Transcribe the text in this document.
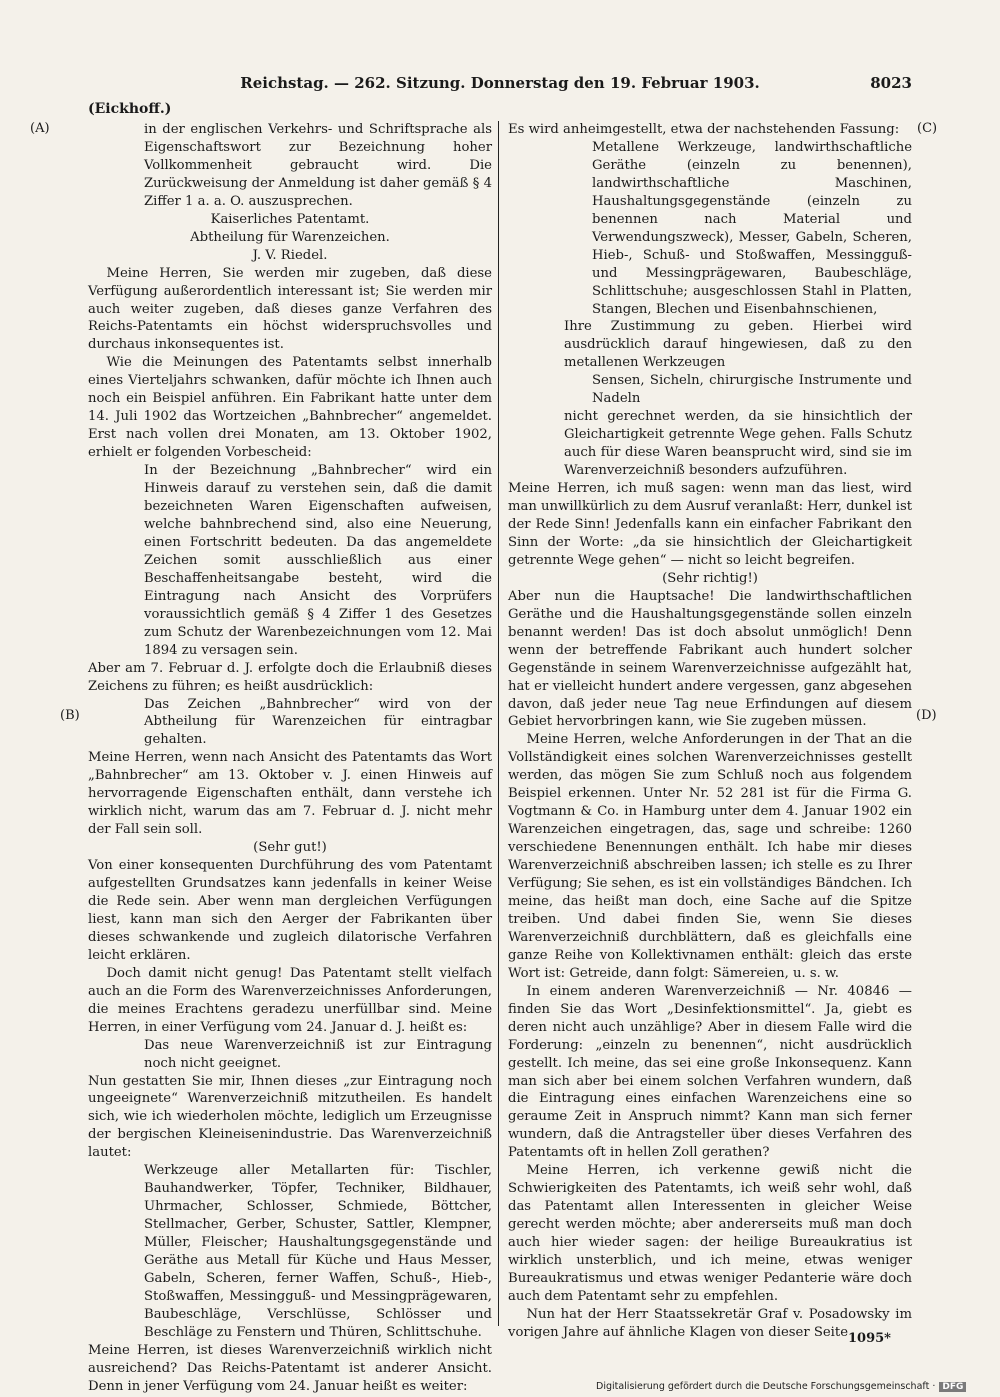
Reichstag. — 262. Sitzung. Donnerstag den 19. Februar 1903.	8023
(Eickhoff.)
(A)
(B)
(C)
(D)

in der englischen Verkehrs- und Schriftsprache als Eigenschaftswort zur Bezeichnung hoher Vollkommenheit gebraucht wird. Die Zurückweisung der Anmeldung ist daher gemäß § 4 Ziffer 1 a. a. O. auszusprechen.

Kaiserliches Patentamt.

Abtheilung für Warenzeichen.

J. V. Riedel.

Meine Herren, Sie werden mir zugeben, daß diese Verfügung außerordentlich interessant ist; Sie werden mir auch weiter zugeben, daß dieses ganze Verfahren des Reichs-Patentamts ein höchst widerspruchsvolles und durchaus inkonsequentes ist.

Wie die Meinungen des Patentamts selbst innerhalb eines Vierteljahrs schwanken, dafür möchte ich Ihnen auch noch ein Beispiel anführen. Ein Fabrikant hatte unter dem 14. Juli 1902 das Wortzeichen „Bahnbrecher“ angemeldet. Erst nach vollen drei Monaten, am 13. Oktober 1902, erhielt er folgenden Vorbescheid:

In der Bezeichnung „Bahnbrecher“ wird ein Hinweis darauf zu verstehen sein, daß die damit bezeichneten Waren Eigenschaften aufweisen, welche bahnbrechend sind, also eine Neuerung, einen Fortschritt bedeuten. Da das angemeldete Zeichen somit ausschließlich aus einer Beschaffenheitsangabe besteht, wird die Eintragung nach Ansicht des Vorprüfers voraussichtlich gemäß § 4 Ziffer 1 des Gesetzes zum Schutz der Warenbezeichnungen vom 12. Mai 1894 zu versagen sein.

Aber am 7. Februar d. J. erfolgte doch die Erlaubniß dieses Zeichens zu führen; es heißt ausdrücklich:

Das Zeichen „Bahnbrecher“ wird von der Abtheilung für Warenzeichen für eintragbar gehalten.

Meine Herren, wenn nach Ansicht des Patentamts das Wort „Bahnbrecher“ am 13. Oktober v. J. einen Hinweis auf hervorragende Eigenschaften enthält, dann verstehe ich wirklich nicht, warum das am 7. Februar d. J. nicht mehr der Fall sein soll.

(Sehr gut!)

Von einer konsequenten Durchführung des vom Patentamt aufgestellten Grundsatzes kann jedenfalls in keiner Weise die Rede sein. Aber wenn man dergleichen Verfügungen liest, kann man sich den Aerger der Fabrikanten über dieses schwankende und zugleich dilatorische Verfahren leicht erklären.

Doch damit nicht genug! Das Patentamt stellt vielfach auch an die Form des Warenverzeichnisses Anforderungen, die meines Erachtens geradezu unerfüllbar sind. Meine Herren, in einer Verfügung vom 24. Januar d. J. heißt es:

Das neue Warenverzeichniß ist zur Eintragung noch nicht geeignet.

Nun gestatten Sie mir, Ihnen dieses „zur Eintragung noch ungeeignete“ Warenverzeichniß mitzutheilen. Es handelt sich, wie ich wiederholen möchte, lediglich um Erzeugnisse der bergischen Kleineisenindustrie. Das Warenverzeichniß lautet:

Werkzeuge aller Metallarten für: Tischler, Bauhandwerker, Töpfer, Techniker, Bildhauer, Uhrmacher, Schlosser, Schmiede, Böttcher, Stellmacher, Gerber, Schuster, Sattler, Klempner, Müller, Fleischer; Haushaltungsgegenstände und Geräthe aus Metall für Küche und Haus Messer, Gabeln, Scheren, ferner Waffen, Schuß-, Hieb-, Stoßwaffen, Messingguß- und Messingprägewaren, Baubeschläge, Verschlüsse, Schlösser und Beschläge zu Fenstern und Thüren, Schlittschuhe.

Meine Herren, ist dieses Warenverzeichniß wirklich nicht ausreichend? Das Reichs-Patentamt ist anderer Ansicht. Denn in jener Verfügung vom 24. Januar heißt es weiter:

Es wird anheimgestellt, etwa der nachstehenden Fassung:

Metallene Werkzeuge, landwirthschaftliche Geräthe (einzeln zu benennen), landwirthschaftliche Maschinen, Haushaltungsgegenstände (einzeln zu benennen nach Material und Verwendungszweck), Messer, Gabeln, Scheren, Hieb-, Schuß- und Stoßwaffen, Messingguß- und Messingprägewaren, Baubeschläge, Schlittschuhe; ausgeschlossen Stahl in Platten, Stangen, Blechen und Eisenbahnschienen,

Ihre Zustimmung zu geben. Hierbei wird ausdrücklich darauf hingewiesen, daß zu den metallenen Werkzeugen

Sensen, Sicheln, chirurgische Instrumente und Nadeln

nicht gerechnet werden, da sie hinsichtlich der Gleichartigkeit getrennte Wege gehen. Falls Schutz auch für diese Waren beansprucht wird, sind sie im Warenverzeichniß besonders aufzuführen.

Meine Herren, ich muß sagen: wenn man das liest, wird man unwillkürlich zu dem Ausruf veranlaßt: Herr, dunkel ist der Rede Sinn! Jedenfalls kann ein einfacher Fabrikant den Sinn der Worte: „da sie hinsichtlich der Gleichartigkeit getrennte Wege gehen“ — nicht so leicht begreifen.

(Sehr richtig!)

Aber nun die Hauptsache! Die landwirthschaftlichen Geräthe und die Haushaltungsgegenstände sollen einzeln benannt werden! Das ist doch absolut unmöglich! Denn wenn der betreffende Fabrikant auch hundert solcher Gegenstände in seinem Warenverzeichnisse aufgezählt hat, hat er vielleicht hundert andere vergessen, ganz abgesehen davon, daß jeder neue Tag neue Erfindungen auf diesem Gebiet hervorbringen kann, wie Sie zugeben müssen.

Meine Herren, welche Anforderungen in der That an die Vollständigkeit eines solchen Warenverzeichnisses gestellt werden, das mögen Sie zum Schluß noch aus folgendem Beispiel erkennen. Unter Nr. 52 281 ist für die Firma G. Vogtmann & Co. in Hamburg unter dem 4. Januar 1902 ein Warenzeichen eingetragen, das, sage und schreibe: 1260 verschiedene Benennungen enthält. Ich habe mir dieses Warenverzeichniß abschreiben lassen; ich stelle es zu Ihrer Verfügung; Sie sehen, es ist ein vollständiges Bändchen. Ich meine, das heißt man doch, eine Sache auf die Spitze treiben. Und dabei finden Sie, wenn Sie dieses Warenverzeichniß durchblättern, daß es gleichfalls eine ganze Reihe von Kollektivnamen enthält: gleich das erste Wort ist: Getreide, dann folgt: Sämereien, u. s. w.

In einem anderen Warenverzeichniß — Nr. 40846 — finden Sie das Wort „Desinfektionsmittel“. Ja, giebt es deren nicht auch unzählige? Aber in diesem Falle wird die Forderung: „einzeln zu benennen“, nicht ausdrücklich gestellt. Ich meine, das sei eine große Inkonsequenz. Kann man sich aber bei einem solchen Verfahren wundern, daß die Eintragung eines einfachen Warenzeichens eine so geraume Zeit in Anspruch nimmt? Kann man sich ferner wundern, daß die Antragsteller über dieses Verfahren des Patentamts oft in hellen Zoll gerathen?

Meine Herren, ich verkenne gewiß nicht die Schwierigkeiten des Patentamts, ich weiß sehr wohl, daß das Patentamt allen Interessenten in gleicher Weise gerecht werden möchte; aber andererseits muß man doch auch hier wieder sagen: der heilige Bureaukratius ist wirklich unsterblich, und ich meine, etwas weniger Bureaukratismus und etwas weniger Pedanterie wäre doch auch dem Patentamt sehr zu empfehlen.

Nun hat der Herr Staatssekretär Graf v. Posadowsky im vorigen Jahre auf ähnliche Klagen von dieser Seite 1095*
Digitalisierung gefördert durch die Deutsche Forschungsgemeinschaft · DFG
